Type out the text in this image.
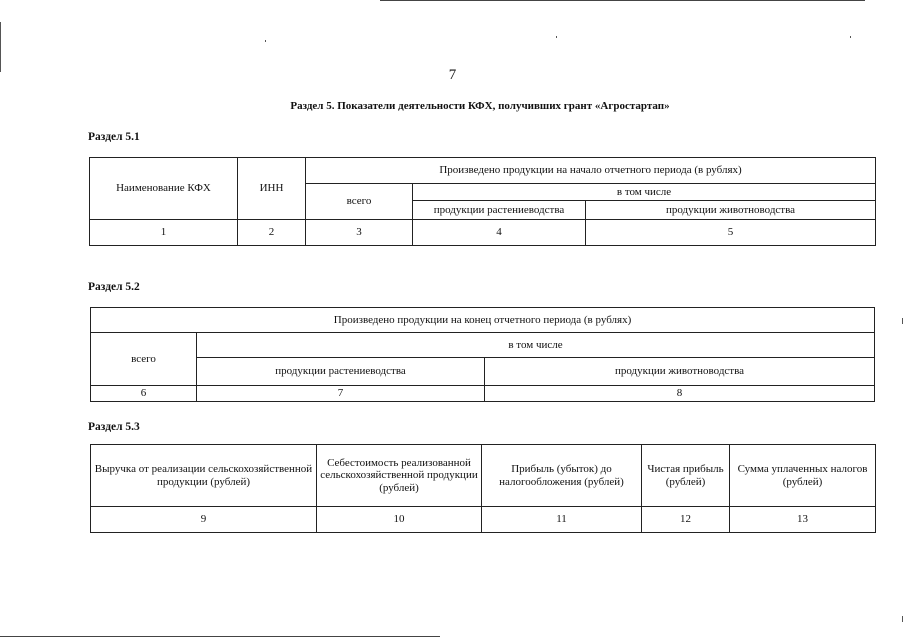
7
Раздел 5. Показатели деятельности КФХ, получивших грант «Агростартап»
Раздел 5.1
Наименование КФХ	ИНН	Произведено продукции на начало отчетного периода (в рублях)		
		всего	в том числе	
			продукции растениеводства	продукции животноводства
1	2	3	4	5
Раздел 5.2
Произведено продукции на конец отчетного периода (в рублях)		
всего	в том числе	
	продукции растениеводства	продукции животноводства
6	7	8
Раздел 5.3
Выручка от реализации сельскохозяйственной продукции (рублей)	Себестоимость реализованной сельскохозяйственной продукции (рублей)	Прибыль (убыток) до налогообложения (рублей)	Чистая прибыль (рублей)	Сумма уплаченных налогов (рублей)
9	10	11	12	13
